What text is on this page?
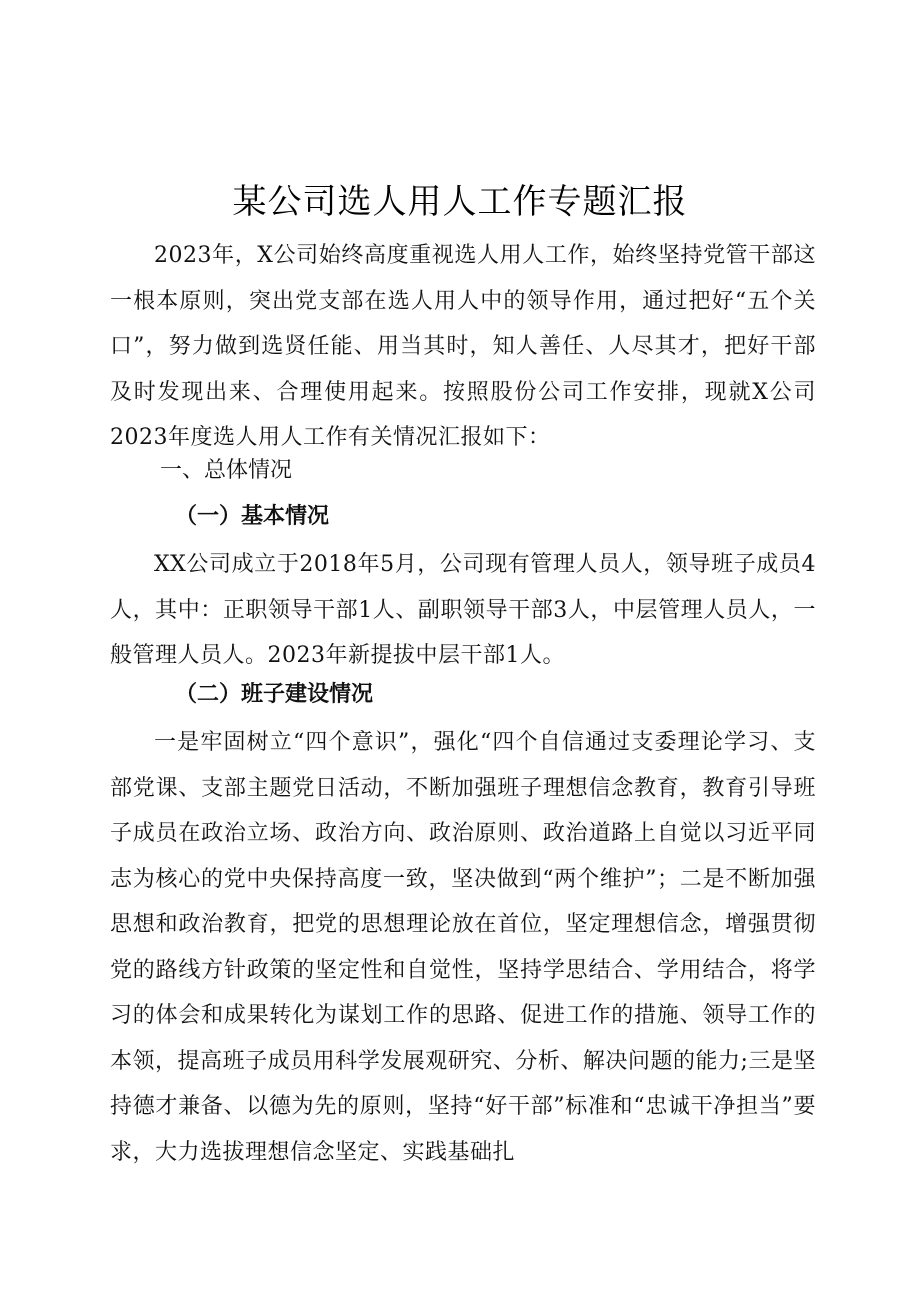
某公司选人用人工作专题汇报

2023年，X公司始终高度重视选人用人工作，始终坚持党管干部这一根本原则，突出党支部在选人用人中的领导作用，通过把好“五个关口”，努力做到选贤任能、用当其时，知人善任、人尽其才，把好干部及时发现出来、合理使用起来。按照股份公司工作安排，现就X公司2023年度选人用人工作有关情况汇报如下：

一、总体情况
（一）基本情况

XX公司成立于2018年5月，公司现有管理人员人，领导班子成员4人，其中：正职领导干部1人、副职领导干部3人，中层管理人员人，一般管理人员人。2023年新提拔中层干部1人。

（二）班子建设情况

一是牢固树立“四个意识”，强化“四个自信通过支委理论学习、支部党课、支部主题党日活动，不断加强班子理想信念教育，教育引导班子成员在政治立场、政治方向、政治原则、政治道路上自觉以习近平同志为核心的党中央保持高度一致，坚决做到“两个维护”；二是不断加强思想和政治教育，把党的思想理论放在首位，坚定理想信念，增强贯彻党的路线方针政策的坚定性和自觉性，坚持学思结合、学用结合，将学习的体会和成果转化为谋划工作的思路、促进工作的措施、领导工作的本领，提高班子成员用科学发展观研究、分析、解决问题的能力;三是坚持德才兼备、以德为先的原则，坚持“好干部”标准和“忠诚干净担当”要求，大力选拔理想信念坚定、实践基础扎
